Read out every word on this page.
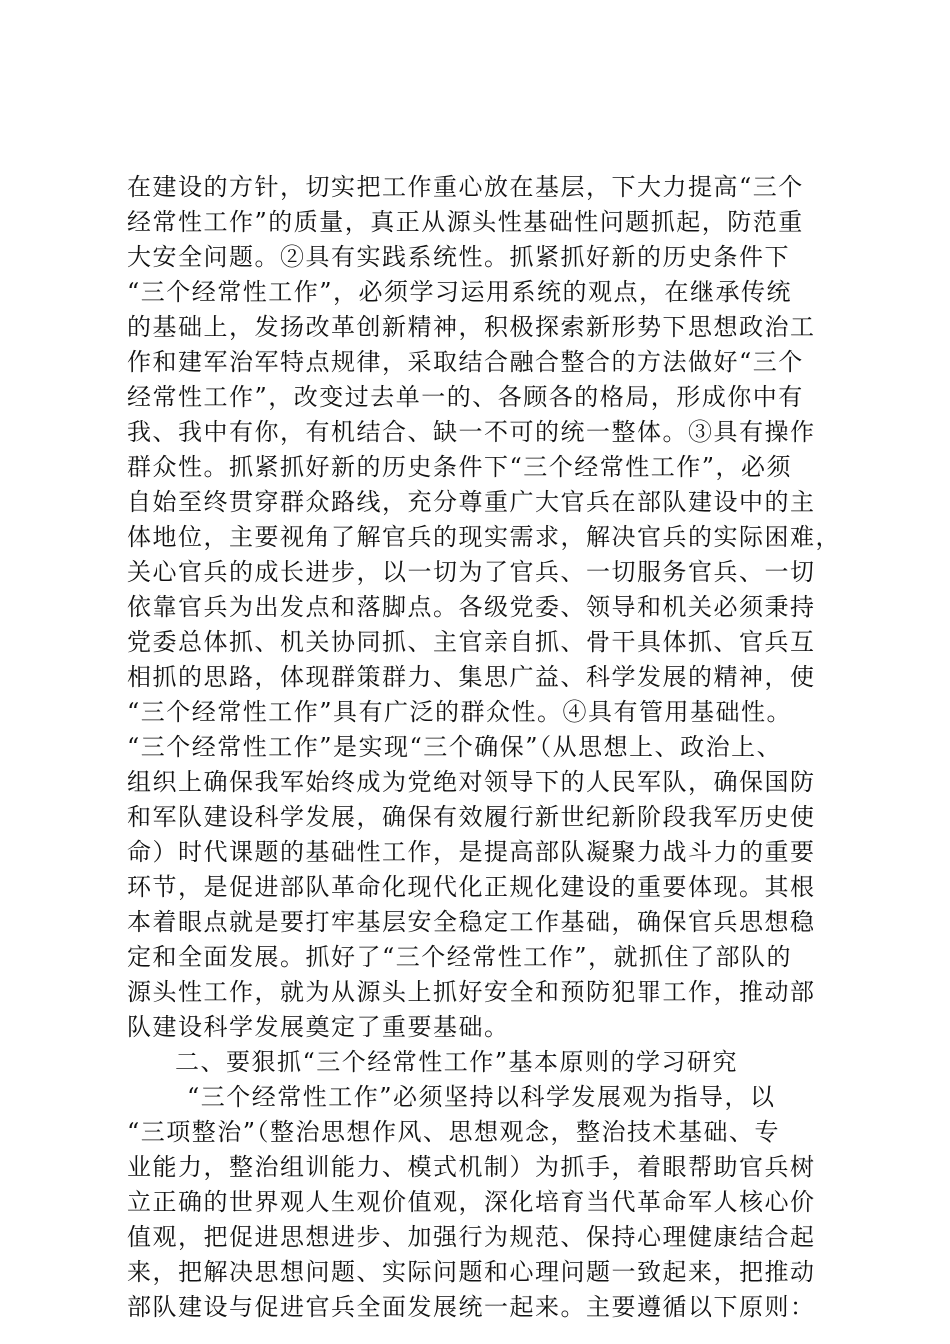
在建设的方针，切实把工作重心放在基层，下大力提高“三个
经常性工作”的质量，真正从源头性基础性问题抓起，防范重
大安全问题。②具有实践系统性。抓紧抓好新的历史条件下
“三个经常性工作”，必须学习运用系统的观点，在继承传统
的基础上，发扬改革创新精神，积极探索新形势下思想政治工
作和建军治军特点规律，采取结合融合整合的方法做好“三个
经常性工作”，改变过去单一的、各顾各的格局，形成你中有
我、我中有你，有机结合、缺一不可的统一整体。③具有操作
群众性。抓紧抓好新的历史条件下“三个经常性工作”，必须
自始至终贯穿群众路线，充分尊重广大官兵在部队建设中的主
体地位，主要视角了解官兵的现实需求，解决官兵的实际困难，
关心官兵的成长进步，以一切为了官兵、一切服务官兵、一切
依靠官兵为出发点和落脚点。各级党委、领导和机关必须秉持
党委总体抓、机关协同抓、主官亲自抓、骨干具体抓、官兵互
相抓的思路，体现群策群力、集思广益、科学发展的精神，使
“三个经常性工作”具有广泛的群众性。④具有管用基础性。
“三个经常性工作”是实现“三个确保”（从思想上、政治上、
组织上确保我军始终成为党绝对领导下的人民军队，确保国防
和军队建设科学发展，确保有效履行新世纪新阶段我军历史使
命）时代课题的基础性工作，是提高部队凝聚力战斗力的重要
环节，是促进部队革命化现代化正规化建设的重要体现。其根
本着眼点就是要打牢基层安全稳定工作基础，确保官兵思想稳
定和全面发展。抓好了“三个经常性工作”，就抓住了部队的
源头性工作，就为从源头上抓好安全和预防犯罪工作，推动部
队建设科学发展奠定了重要基础。
二、要狠抓“三个经常性工作”基本原则的学习研究
“三个经常性工作”必须坚持以科学发展观为指导，以
“三项整治”（整治思想作风、思想观念，整治技术基础、专
业能力，整治组训能力、模式机制）为抓手，着眼帮助官兵树
立正确的世界观人生观价值观，深化培育当代革命军人核心价
值观，把促进思想进步、加强行为规范、保持心理健康结合起
来，把解决思想问题、实际问题和心理问题一致起来，把推动
部队建设与促进官兵全面发展统一起来。主要遵循以下原则：
